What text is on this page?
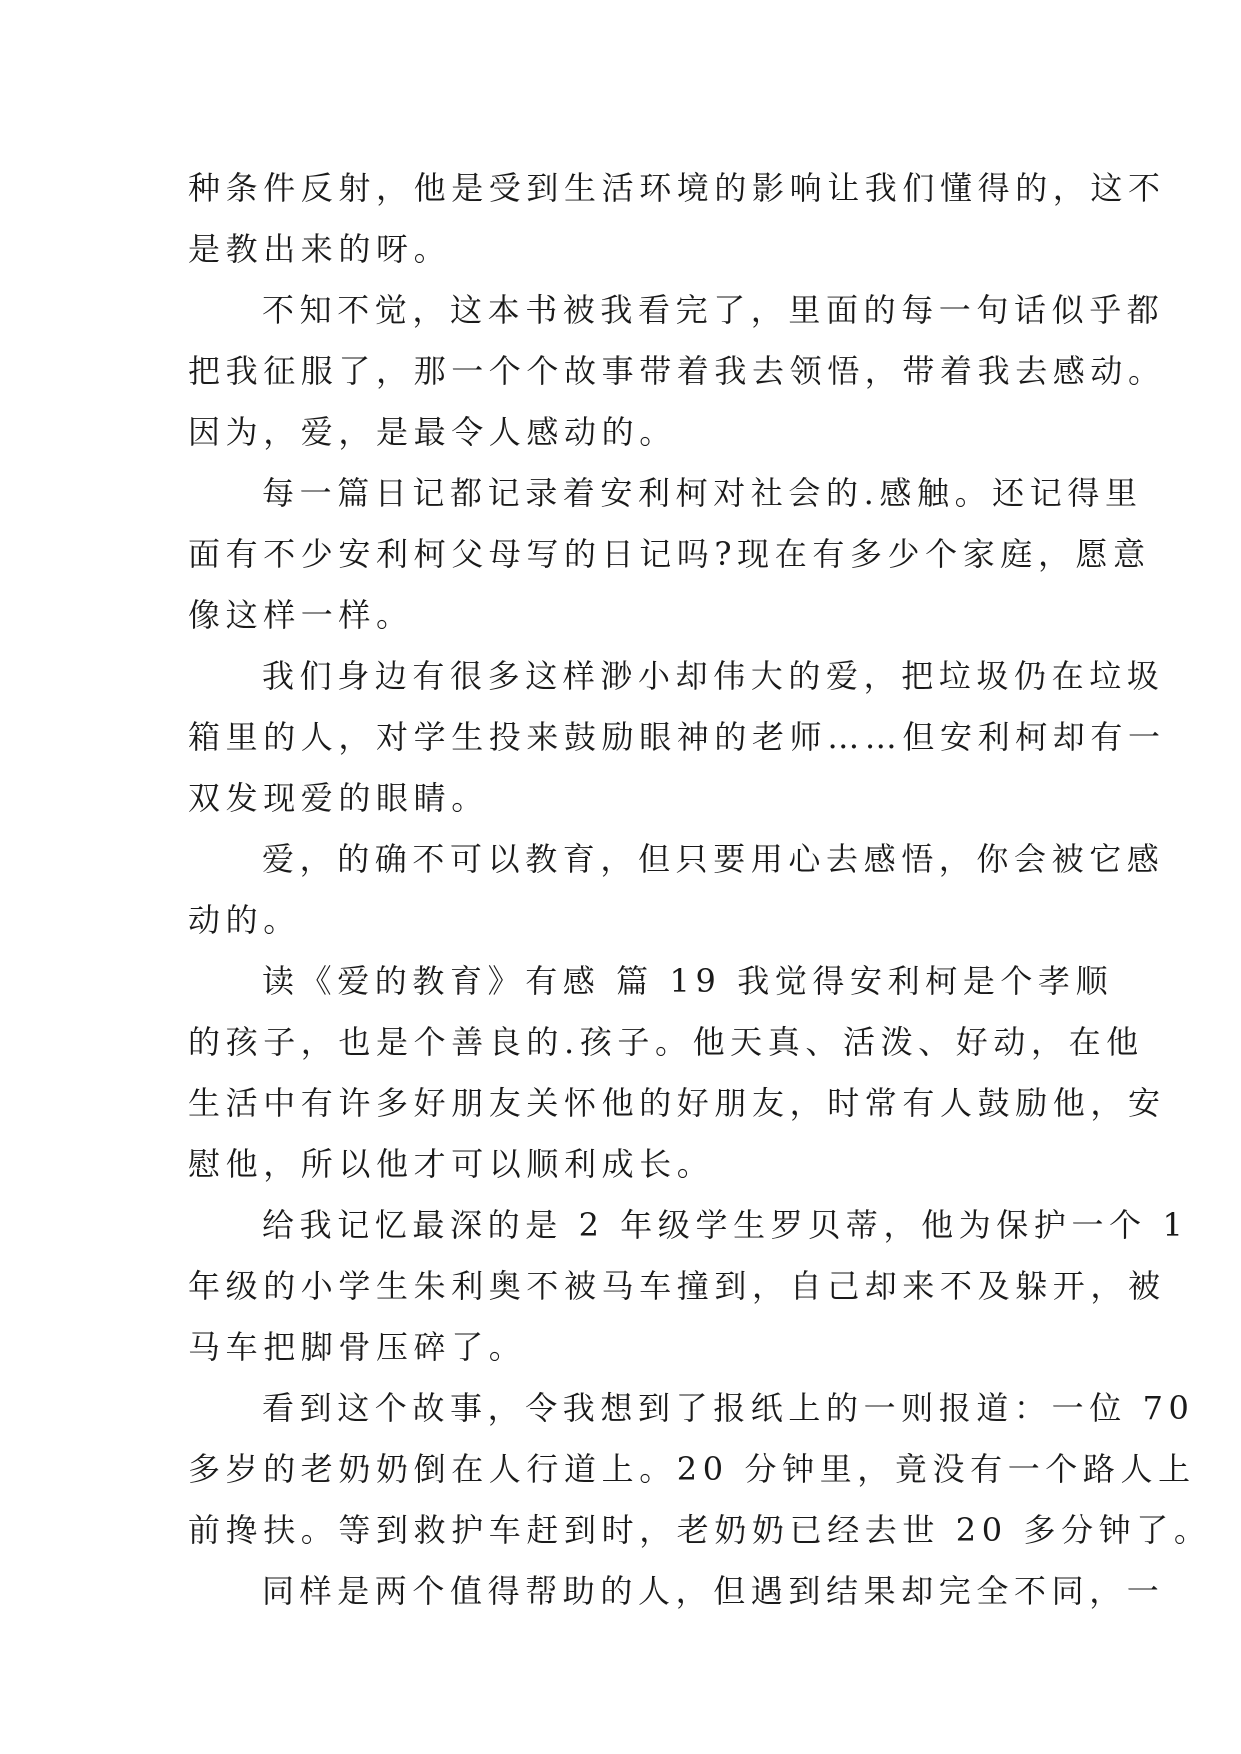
种条件反射，他是受到生活环境的影响让我们懂得的，这不
是教出来的呀。
不知不觉，这本书被我看完了，里面的每一句话似乎都
把我征服了，那一个个故事带着我去领悟，带着我去感动。
因为，爱，是最令人感动的。
每一篇日记都记录着安利柯对社会的.感触。还记得里
面有不少安利柯父母写的日记吗?现在有多少个家庭，愿意
像这样一样。
我们身边有很多这样渺小却伟大的爱，把垃圾仍在垃圾
箱里的人，对学生投来鼓励眼神的老师……但安利柯却有一
双发现爱的眼睛。
爱，的确不可以教育，但只要用心去感悟，你会被它感
动的。
读《爱的教育》有感 篇 19 我觉得安利柯是个孝顺
的孩子，也是个善良的.孩子。他天真、活泼、好动，在他
生活中有许多好朋友关怀他的好朋友，时常有人鼓励他，安
慰他，所以他才可以顺利成长。
给我记忆最深的是 2 年级学生罗贝蒂，他为保护一个 1
年级的小学生朱利奥不被马车撞到，自己却来不及躲开，被
马车把脚骨压碎了。
看到这个故事，令我想到了报纸上的一则报道：一位 70
多岁的老奶奶倒在人行道上。20 分钟里，竟没有一个路人上
前搀扶。等到救护车赶到时，老奶奶已经去世 20 多分钟了。
同样是两个值得帮助的人，但遇到结果却完全不同，一
